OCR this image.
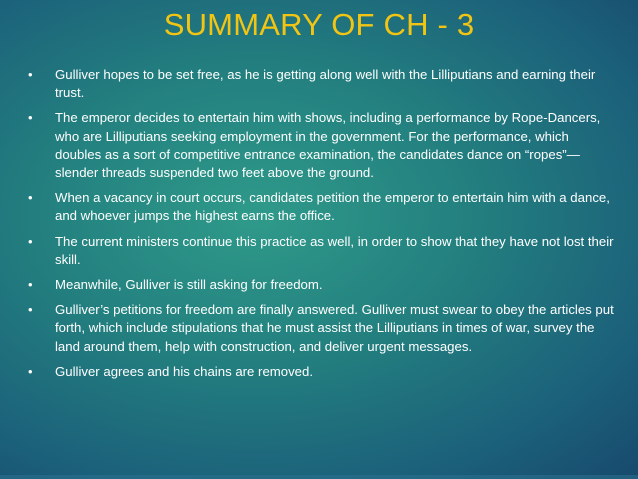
SUMMARY OF CH - 3
•	Gulliver hopes to be set free, as he is getting along well with the Lilliputians and earning their trust.
•	The emperor decides to entertain him with shows, including a performance by Rope-Dancers, who are Lilliputians seeking employment in the government. For the performance, which doubles as a sort of competitive entrance examination, the candidates dance on “ropes”—slender threads suspended two feet above the ground.
•	When a vacancy in court occurs, candidates petition the emperor to entertain him with a dance, and whoever jumps the highest earns the office.
•	The current ministers continue this practice as well, in order to show that they have not lost their skill.
•	Meanwhile, Gulliver is still asking for freedom.
•	Gulliver’s petitions for freedom are finally answered. Gulliver must swear to obey the articles put forth, which include stipulations that he must assist the Lilliputians in times of war, survey the land around them, help with construction, and deliver urgent messages.
•	Gulliver agrees and his chains are removed.
